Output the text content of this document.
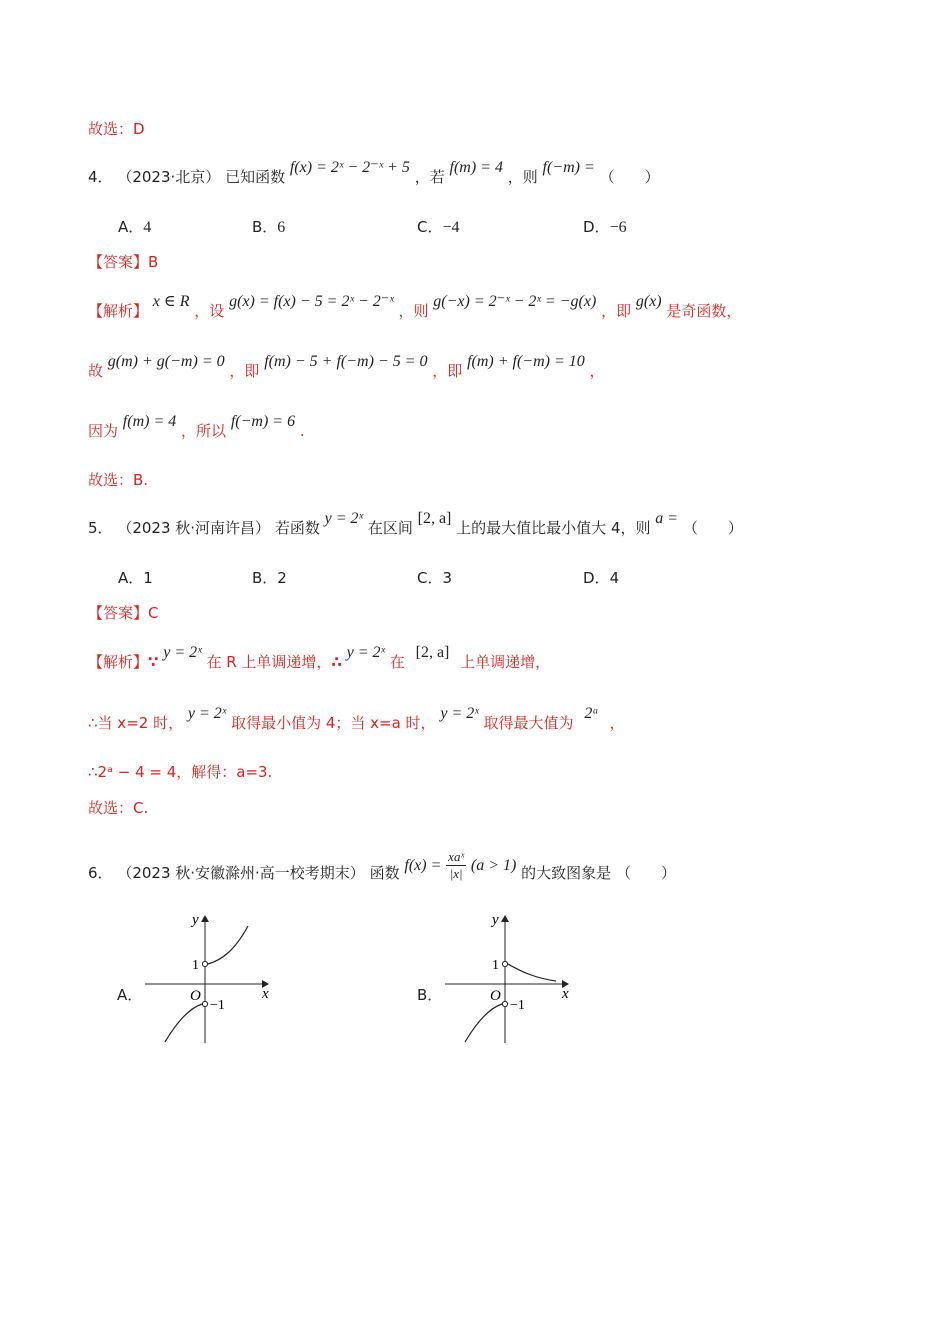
故选：D
4． （2023·北京） 已知函数 f(x) = 2ˣ − 2⁻ˣ + 5 ，若 f(m) = 4 ，则 f(−m) = （　　）
A．4	B．6	C．−4	D．−6
【答案】B
【解析】 x ∈ R ，设 g(x) = f(x) − 5 = 2ˣ − 2⁻ˣ ，则 g(−x) = 2⁻ˣ − 2ˣ = −g(x) ，即 g(x) 是奇函数，
故 g(m) + g(−m) = 0 ，即 f(m) − 5 + f(−m) − 5 = 0 ，即 f(m) + f(−m) = 10 ，
因为 f(m) = 4 ，所以 f(−m) = 6 .
故选：B.
5． （2023 秋·河南许昌） 若函数 y = 2ˣ 在区间 [2, a] 上的最大值比最小值大 4，则 a = （　　）
A．1	B．2	C．3	D．4
【答案】C
【解析】∵ y = 2ˣ 在 R 上单调递增，∴ y = 2ˣ 在 [2, a] 上单调递增，
∴当 x=2 时， y = 2ˣ 取得最小值为 4；当 x=a 时， y = 2ˣ 取得最大值为 2ᵃ ，
∴2ᵃ − 4 = 4，解得：a=3.
故选：C.
6． （2023 秋·安徽滁州·高一校考期末） 函数 $f(x) = \frac{\text{xaˣ}}{|x|} (a > 1)$ 的大致图象是 （　　）
A．
y
x
O
1
−1
B．
y
x
O
1
−1
